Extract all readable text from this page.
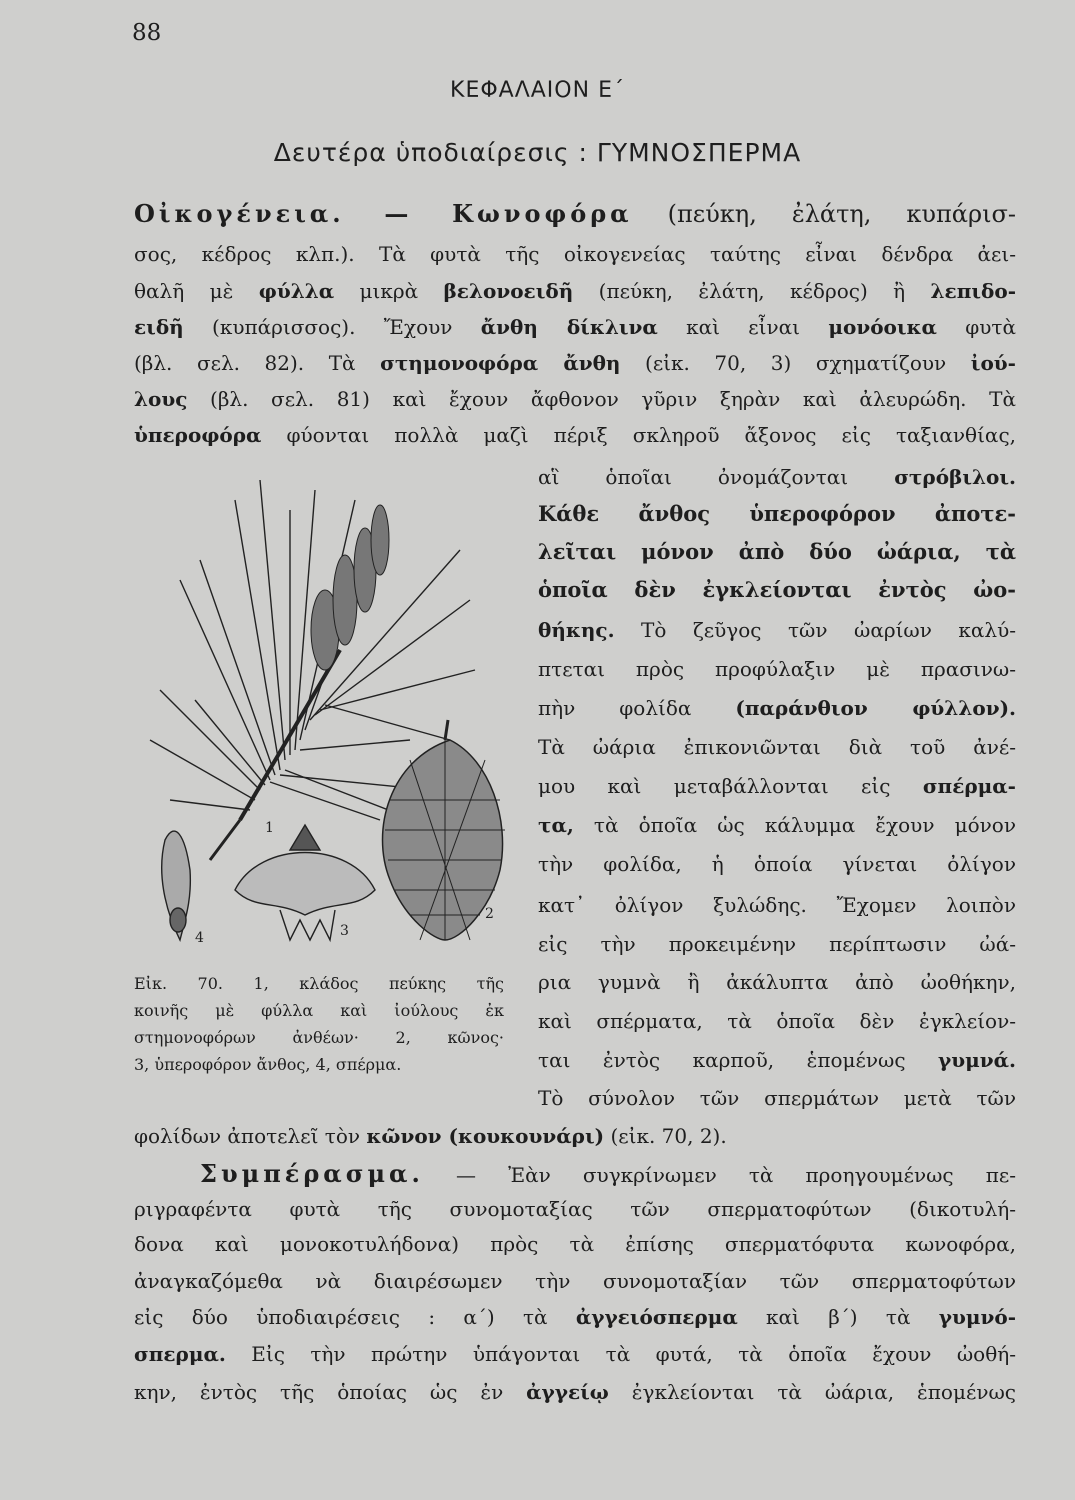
88
ΚΕΦΑΛΑΙΟΝ Ε΄
Δευτέρα ὑποδιαίρεσις : ΓΥΜΝΟΣΠΕΡΜΑ
Οἰκογένεια. — Κωνοφόρα (πεύκη, ἐλάτη, κυπάρισ-
σος, κέδρος κλπ.). Τὰ φυτὰ τῆς οἰκογενείας ταύτης εἶναι δένδρα ἀει-
θαλῆ μὲ φύλλα μικρὰ βελονοειδῆ (πεύκη, ἐλάτη, κέδρος) ἢ λεπιδο-
ειδῆ (κυπάρισσος). Ἔχουν ἄνθη δίκλινα καὶ εἶναι μονόοικα φυτὰ
(βλ. σελ. 82). Τὰ στημονοφόρα ἄνθη (εἰκ. 70, 3) σχηματίζουν ἰού-
λους (βλ. σελ. 81) καὶ ἔχουν ἄφθονον γῦριν ξηρὰν καὶ ἀλευρώδη. Τὰ
ὑπεροφόρα φύονται πολλὰ μαζὶ πέριξ σκληροῦ ἄξονος εἰς ταξιανθίας,
αἳ ὁποῖαι ὀνομάζονται στρόβιλοι.
Κάθε ἄνθος ὑπεροφόρον ἀποτε-
λεῖται μόνον ἀπὸ δύο ὠάρια, τὰ
ὁποῖα δὲν ἐγκλείονται ἐντὸς ὠο-
θήκης. Τὸ ζεῦγος τῶν ὠαρίων καλύ-
πτεται πρὸς προφύλαξιν μὲ πρασινω-
πὴν φολίδα (παράνθιον φύλλον).
Τὰ ὠάρια ἐπικονιῶνται διὰ τοῦ ἀνέ-
μου καὶ μεταβάλλονται εἰς σπέρμα-
τα, τὰ ὁποῖα ὡς κάλυμμα ἔχουν μόνον
τὴν φολίδα, ἡ ὁποία γίνεται ὀλίγον
κατ᾿ ὀλίγον ξυλώδης. Ἔχομεν λοιπὸν
εἰς τὴν προκειμένην περίπτωσιν ὠά-
ρια γυμνὰ ἢ ἀκάλυπτα ἀπὸ ὠοθήκην,
καὶ σπέρματα, τὰ ὁποῖα δὲν ἐγκλείον-
ται ἐντὸς καρποῦ, ἑπομένως γυμνά.
Τὸ σύνολον τῶν σπερμάτων μετὰ τῶν
φολίδων ἀποτελεῖ τὸν κῶνον (κουκουνάρι) (εἰκ. 70, 2).
1
2
3
4
Εἰκ. 70. 1, κλάδος πεύκης τῆς
κοινῆς μὲ φύλλα καὶ ἰούλους ἐκ
στημονοφόρων ἀνθέων· 2, κῶνος·
3, ὑπεροφόρον ἄνθος, 4, σπέρμα.
Συμπέρασμα. — Ἐὰν συγκρίνωμεν τὰ προηγουμένως πε-
ριγραφέντα φυτὰ τῆς συνομοταξίας τῶν σπερματοφύτων (δικοτυλή-
δονα καὶ μονοκοτυλήδονα) πρὸς τὰ ἐπίσης σπερματόφυτα κωνοφόρα,
ἀναγκαζόμεθα νὰ διαιρέσωμεν τὴν συνομοταξίαν τῶν σπερματοφύτων
εἰς δύο ὑποδιαιρέσεις : α΄) τὰ ἀγγειόσπερμα καὶ β΄) τὰ γυμνό-
σπερμα. Εἰς τὴν πρώτην ὑπάγονται τὰ φυτά, τὰ ὁποῖα ἔχουν ὠοθή-
κην, ἐντὸς τῆς ὁποίας ὡς ἐν ἀγγείῳ ἐγκλείονται τὰ ὠάρια, ἑπομένως
